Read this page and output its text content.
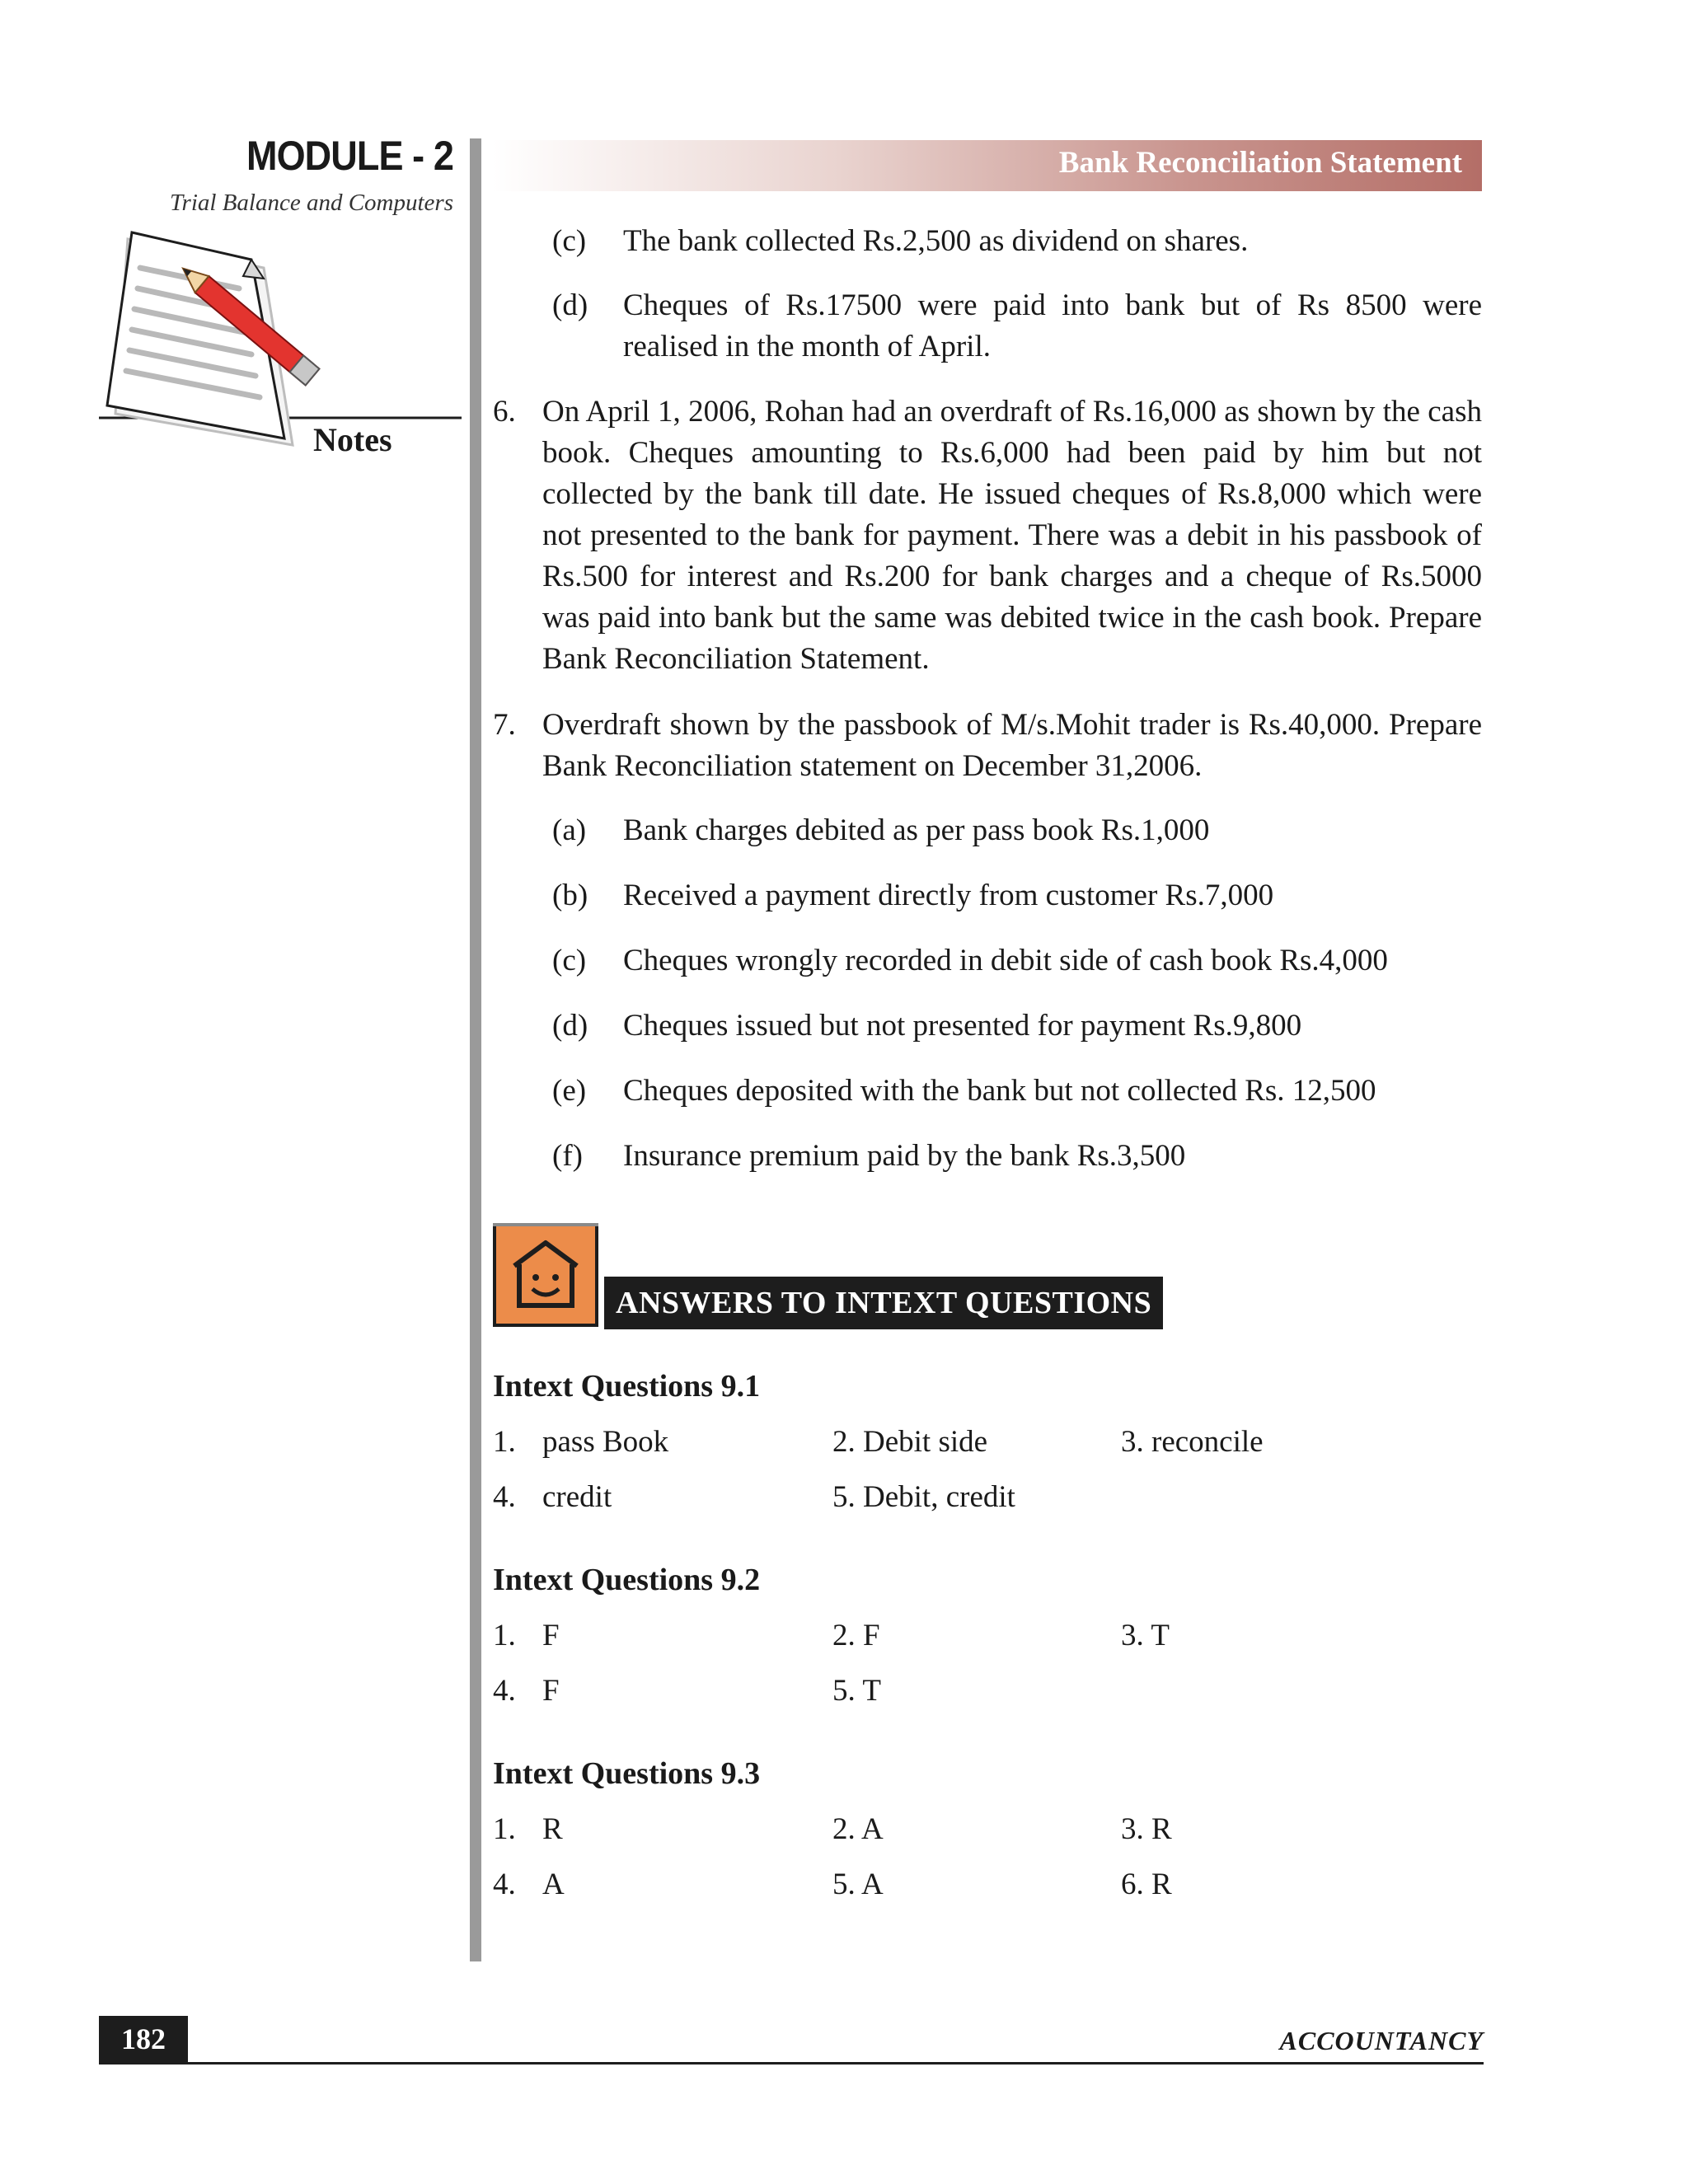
MODULE - 2
Trial Balance and Computers
Notes
Bank Reconciliation Statement
(c) The bank collected Rs.2,500 as dividend on shares.
(d) Cheques of Rs.17500 were paid into bank but of Rs 8500 were realised in the month of April.
6. On April 1, 2006, Rohan had an overdraft of Rs.16,000 as shown by the cash book. Cheques amounting to Rs.6,000 had been paid by him but not collected by the bank till date. He issued cheques of Rs.8,000 which were not presented to the bank for payment. There was a debit in his passbook of Rs.500 for interest and Rs.200 for bank charges and a cheque of Rs.5000 was paid into bank but the same was debited twice in the cash book. Prepare Bank Reconciliation Statement.
7. Overdraft shown by the passbook of M/s.Mohit trader is Rs.40,000. Prepare Bank Reconciliation statement on December 31,2006.
(a) Bank charges debited as per pass book Rs.1,000
(b) Received a payment directly from customer Rs.7,000
(c) Cheques wrongly recorded in debit side of cash book Rs.4,000
(d) Cheques issued but not presented for payment Rs.9,800
(e) Cheques deposited with the bank but not collected Rs. 12,500
(f) Insurance premium paid by the bank Rs.3,500
ANSWERS TO INTEXT QUESTIONS
Intext Questions 9.1
1. pass Book	2. Debit side	3. reconcile
4. credit	5. Debit, credit
Intext Questions 9.2
1. F	2. F	3. T
4. F	5. T
Intext Questions 9.3
1. R	2. A	3. R
4. A	5. A	6. R
182	ACCOUNTANCY
